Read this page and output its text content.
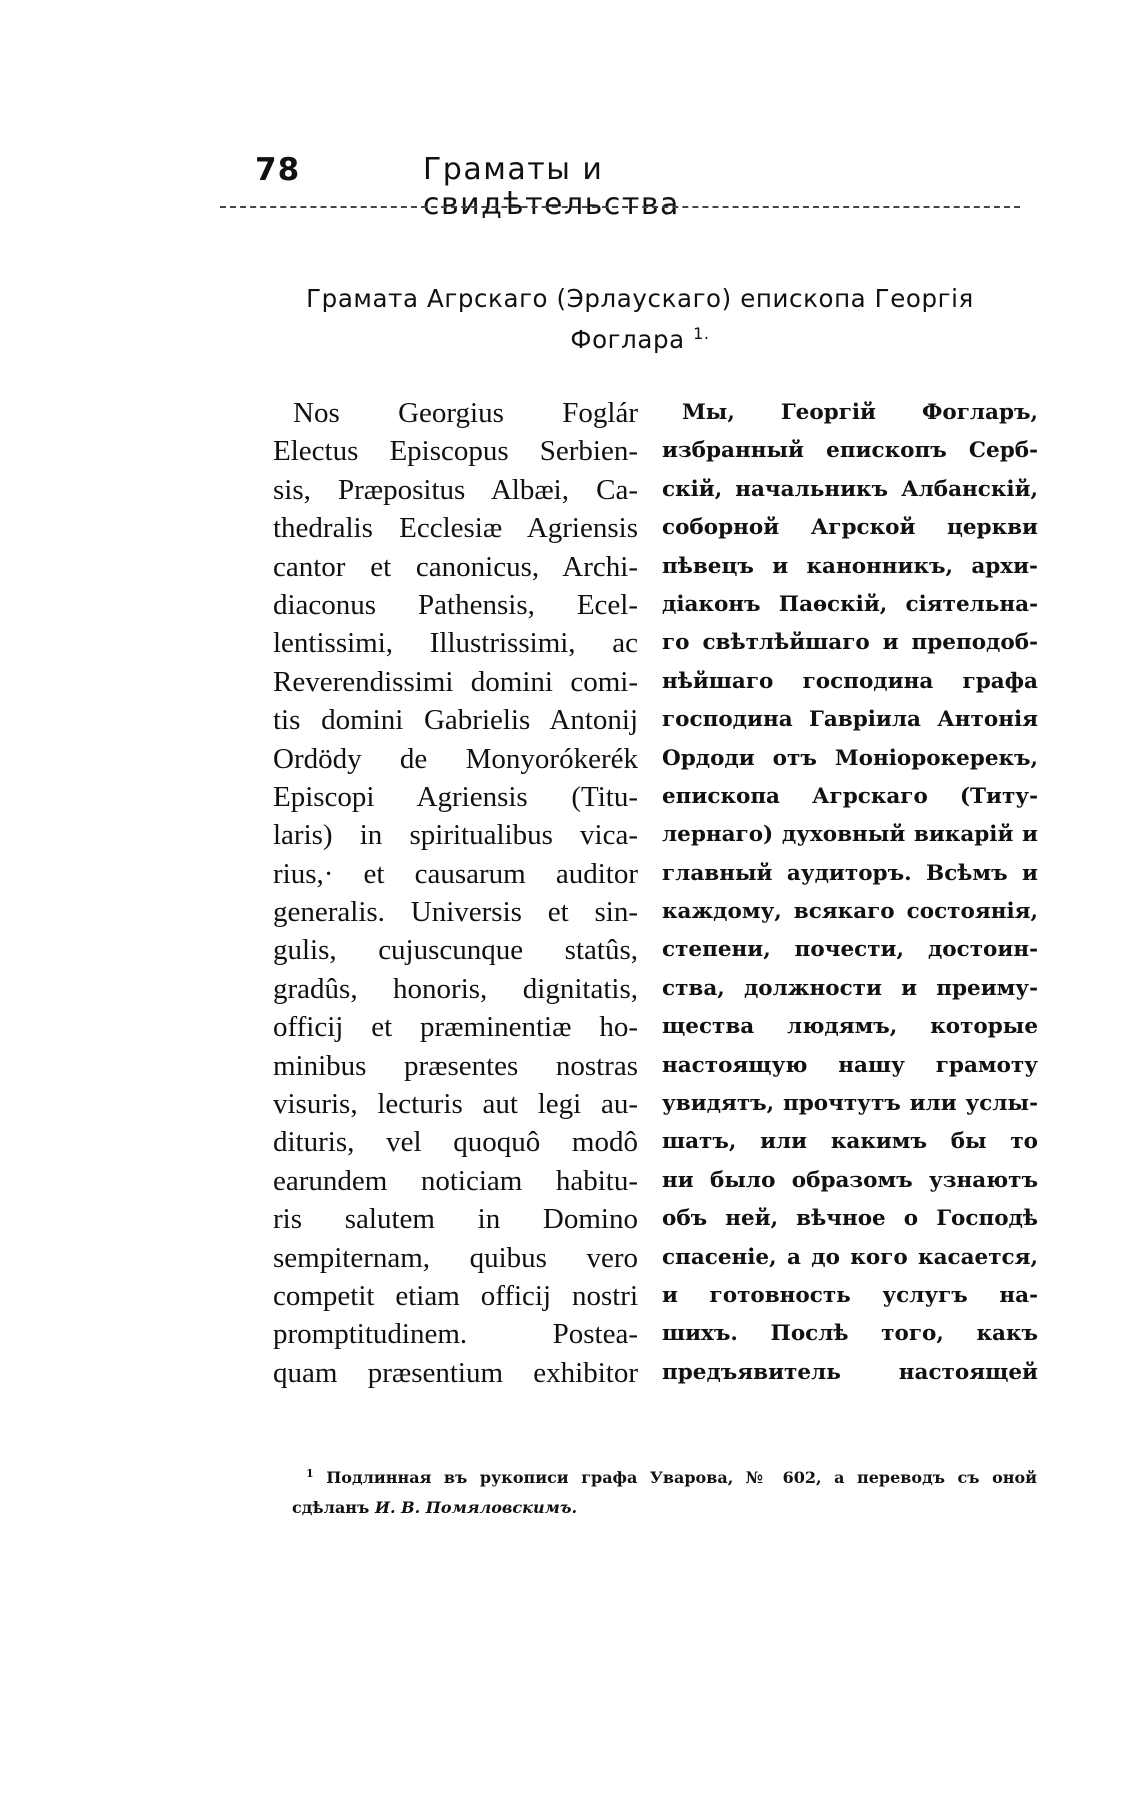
78	Граматы и свидѣтельства
Грамата Агрскаго (Эрлаускаго) епископа Георгія
Фоглара $^{1.}$
Nos Georgius Foglár
Electus Episcopus Serbien-
sis, Præpositus Albæi, Ca-
thedralis Ecclesiæ Agriensis
cantor et canonicus, Archi-
diaconus Pathensis, Ecel-
lentissimi, Illustrissimi, ac
Reverendissimi domini comi-
tis domini Gabrielis Antonij
Ordödy de Monyorókerék
Episcopi Agriensis (Titu-
laris) in spiritualibus vica-
rius,· et causarum auditor
generalis. Universis et sin-
gulis, cujuscunque statûs,
gradûs, honoris, dignitatis,
officij et præminentiæ ho-
minibus præsentes nostras
visuris, lecturis aut legi au-
dituris, vel quoquô modô
earundem noticiam habitu-
ris salutem in Domino
sempiternam, quibus vero
competit etiam officij nostri
promptitudinem. Postea-
quam præsentium exhibitor
Мы, Георгій Фогларъ,
избранный епископъ Серб-
скій, начальникъ Албанскій,
соборной Агрской церкви
пѣвецъ и канонникъ, архи-
діаконъ Паѳскій, сіятельна-
го свѣтлѣйшаго и преподоб-
нѣйшаго господина графа
господина Гавріила Антонія
Ордоди отъ Моніорокерекъ,
епископа Агрскаго (Титу-
лернаго) духовный викарій и
главный аудиторъ. Всѣмъ и
каждому, всякаго состоянія,
степени, почести, достоин-
ства, должности и преиму-
щества людямъ, которые
настоящую нашу грамоту
увидятъ, прочтутъ или услы-
шатъ, или какимъ бы то
ни было образомъ узнаютъ
объ ней, вѣчное о Господѣ
спасеніе, а до кого касается,
и готовность услугъ на-
шихъ. Послѣ того, какъ
предъявитель настоящей
$^1$ Подлинная въ рукописи графа Уварова, № 602, а переводъ съ оной
сдѣланъ И. В. Помяловскимъ.
